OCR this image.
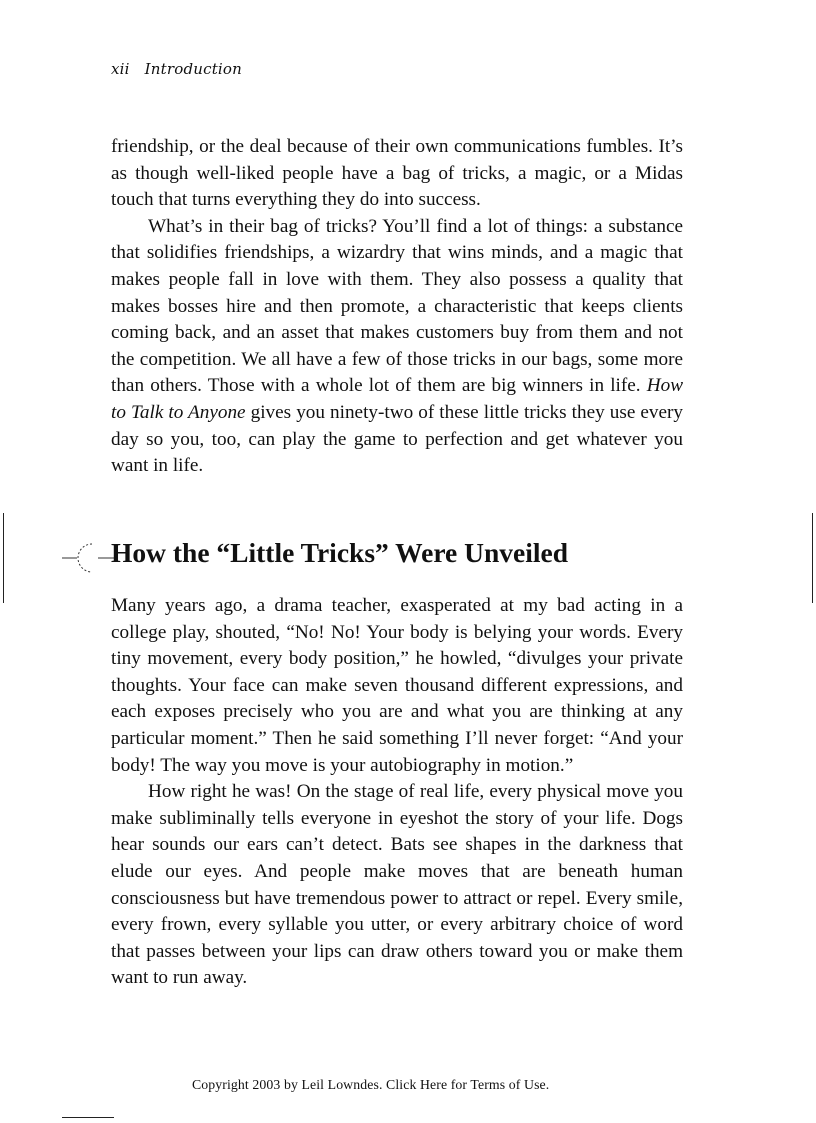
xii Introduction

friendship, or the deal because of their own communications fumbles. It’s as though well-liked people have a bag of tricks, a magic, or a Midas touch that turns everything they do into success.

What’s in their bag of tricks? You’ll find a lot of things: a substance that solidifies friendships, a wizardry that wins minds, and a magic that makes people fall in love with them. They also possess a quality that makes bosses hire and then promote, a characteristic that keeps clients coming back, and an asset that makes customers buy from them and not the competition. We all have a few of those tricks in our bags, some more than others. Those with a whole lot of them are big winners in life. How to Talk to Anyone gives you ninety-two of these little tricks they use every day so you, too, can play the game to perfection and get whatever you want in life.

How the “Little Tricks” Were Unveiled

Many years ago, a drama teacher, exasperated at my bad acting in a college play, shouted, “No! No! Your body is belying your words. Every tiny movement, every body position,” he howled, “divulges your private thoughts. Your face can make seven thousand different expressions, and each exposes precisely who you are and what you are thinking at any particular moment.” Then he said something I’ll never forget: “And your body! The way you move is your autobiography in motion.”

How right he was! On the stage of real life, every physical move you make subliminally tells everyone in eyeshot the story of your life. Dogs hear sounds our ears can’t detect. Bats see shapes in the darkness that elude our eyes. And people make moves that are beneath human consciousness but have tremendous power to attract or repel. Every smile, every frown, every syllable you utter, or every arbitrary choice of word that passes between your lips can draw others toward you or make them want to run away.

Copyright 2003 by Leil Lowndes. Click Here for Terms of Use.
